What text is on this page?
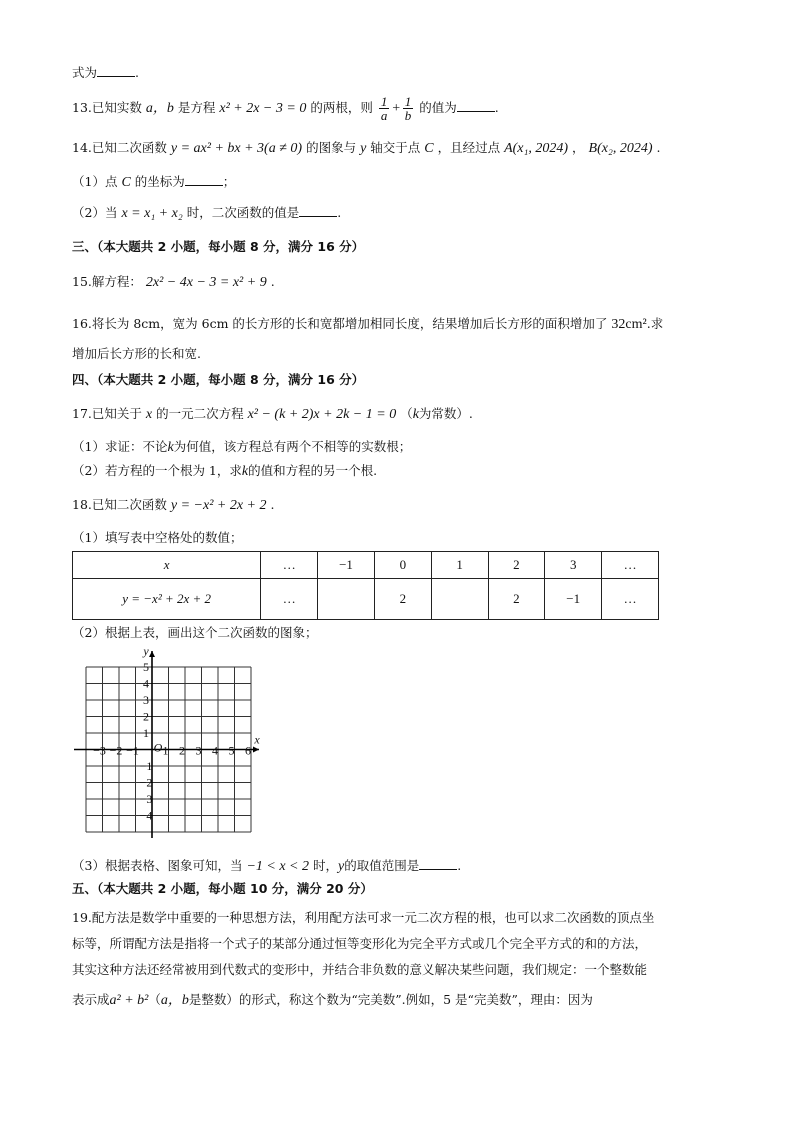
式为	.
13.已知实数 a，b 是方程 x² + 2x − 3 = 0 的两根，则 $\frac{1}{a} + \frac{1}{b}$ 的值为	.
14.已知二次函数 y = ax² + bx + 3(a ≠ 0) 的图象与 y 轴交于点 C ，且经过点 A(x₁, 2024) ， B(x₂, 2024) .
（1）点 C 的坐标为	；
（2）当 x = x₁ + x₂ 时，二次函数的值是	.
三、（本大题共 2 小题，每小题 8 分，满分 16 分）
15.解方程： 2x² − 4x − 3 = x² + 9 .
16.将长为 8cm，宽为 6cm 的长方形的长和宽都增加相同长度，结果增加后长方形的面积增加了 32cm².求
增加后长方形的长和宽.
四、（本大题共 2 小题，每小题 8 分，满分 16 分）
17.已知关于 x 的一元二次方程 x² − (k + 2)x + 2k − 1 = 0 （k为常数）.
（1）求证：不论k为何值，该方程总有两个不相等的实数根；
（2）若方程的一个根为 1，求k的值和方程的另一个根.
18.已知二次函数 y = −x² + 2x + 2 .
（1）填写表中空格处的数值；
x	…	−1	0	1	2	3	…
y = −x² + 2x + 2	…		2		2	−1	…
（2）根据上表，画出这个二次函数的图象；
−3 −2 −1 1 2 3 4 5 6
5
4
3
2
1
−1
−2
−3
−4
O
x
y
（3）根据表格、图象可知，当 −1 < x < 2 时，y的取值范围是	.
五、（本大题共 2 小题，每小题 10 分，满分 20 分）
19.配方法是数学中重要的一种思想方法，利用配方法可求一元二次方程的根，也可以求二次函数的顶点坐
标等，所谓配方法是指将一个式子的某部分通过恒等变形化为完全平方式或几个完全平方式的和的方法，
其实这种方法还经常被用到代数式的变形中，并结合非负数的意义解决某些问题，我们规定：一个整数能
表示成a² + b²（a，b是整数）的形式，称这个数为“完美数”.例如，5 是“完美数”，理由：因为
